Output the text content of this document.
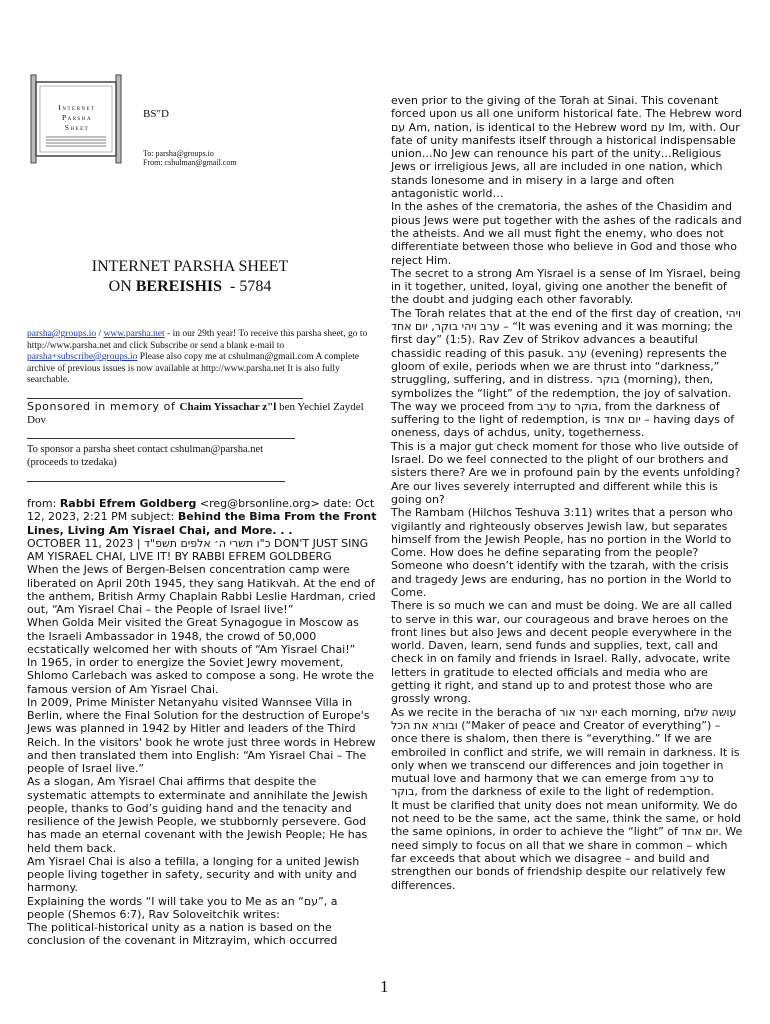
Internet
Parsha
Sheet
BS"D
To: parsha@groups.io
From: cshulman@gmail.com
INTERNET PARSHA SHEET
ON BEREISHIS  - 5784
parsha@groups.io / www.parsha.net - in our 29th year! To receive this parsha sheet, go to http://www.parsha.net and click Subscribe or send a blank e-mail to parsha+subscribe@groups.io Please also copy me at cshulman@gmail.com A complete archive of previous issues is now available at http://www.parsha.net It is also fully searchable.
Sponsored in memory of Chaim Yissachar z"l ben Yechiel Zaydel Dov
To sponsor a parsha sheet contact cshulman@parsha.net
(proceeds to tzedaka)

from: Rabbi Efrem Goldberg <reg@brsonline.org> date: Oct 12, 2023, 2:21 PM subject: Behind the Bima From the Front Lines, Living Am Yisrael Chai, and More. . .

OCTOBER 11, 2023 | כ"ו תשרי ה׳ אלפים תשפ"ד DON'T JUST SING AM YISRAEL CHAI, LIVE IT! BY RABBI EFREM GOLDBERG

When the Jews of Bergen-Belsen concentration camp were liberated on April 20th 1945, they sang Hatikvah. At the end of the anthem, British Army Chaplain Rabbi Leslie Hardman, cried out, “Am Yisrael Chai – the People of Israel live!”

When Golda Meir visited the Great Synagogue in Moscow as the Israeli Ambassador in 1948, the crowd of 50,000 ecstatically welcomed her with shouts of “Am Yisrael Chai!”

In 1965, in order to energize the Soviet Jewry movement, Shlomo Carlebach was asked to compose a song. He wrote the famous version of Am Yisrael Chai.

In 2009, Prime Minister Netanyahu visited Wannsee Villa in Berlin, where the Final Solution for the destruction of Europe's Jews was planned in 1942 by Hitler and leaders of the Third Reich. In the visitors' book he wrote just three words in Hebrew and then translated them into English: “Am Yisrael Chai – The people of Israel live.”

As a slogan, Am Yisrael Chai affirms that despite the systematic attempts to exterminate and annihilate the Jewish people, thanks to God’s guiding hand and the tenacity and resilience of the Jewish People, we stubbornly persevere. God has made an eternal covenant with the Jewish People; He has held them back.

Am Yisrael Chai is also a tefilla, a longing for a united Jewish people living together in safety, security and with unity and harmony.

Explaining the words “I will take you to Me as an “עם”, a people (Shemos 6:7), Rav Soloveitchik writes:

The political-historical unity as a nation is based on the conclusion of the covenant in Mitzrayim, which occurred

even prior to the giving of the Torah at Sinai. This covenant forced upon us all one uniform historical fate. The Hebrew word עם Am, nation, is identical to the Hebrew word עם Im, with. Our fate of unity manifests itself through a historical indispensable union…No Jew can renounce his part of the unity…Religious Jews or irreligious Jews, all are included in one nation, which stands lonesome and in misery in a large and often antagonistic world…

In the ashes of the crematoria, the ashes of the Chasidim and pious Jews were put together with the ashes of the radicals and the atheists. And we all must fight the enemy, who does not differentiate between those who believe in God and those who reject Him.

The secret to a strong Am Yisrael is a sense of Im Yisrael, being in it together, united, loyal, giving one another the benefit of the doubt and judging each other favorably.

The Torah relates that at the end of the first day of creation, ויהי ערב ויהי בוקר, יום אחד – “It was evening and it was morning; the first day” (1:5). Rav Zev of Strikov advances a beautiful chassidic reading of this pasuk. ערב (evening) represents the gloom of exile, periods when we are thrust into “darkness,” struggling, suffering, and in distress. בוקר (morning), then, symbolizes the “light” of the redemption, the joy of salvation. The way we proceed from ערב to בוקר, from the darkness of suffering to the light of redemption, is יום אחד – having days of oneness, days of achdus, unity, togetherness.

This is a major gut check moment for those who live outside of Israel. Do we feel connected to the plight of our brothers and sisters there? Are we in profound pain by the events unfolding? Are our lives severely interrupted and different while this is going on?

The Rambam (Hilchos Teshuva 3:11) writes that a person who vigilantly and righteously observes Jewish law, but separates himself from the Jewish People, has no portion in the World to Come. How does he define separating from the people? Someone who doesn’t identify with the tzarah, with the crisis and tragedy Jews are enduring, has no portion in the World to Come.

There is so much we can and must be doing. We are all called to serve in this war, our courageous and brave heroes on the front lines but also Jews and decent people everywhere in the world. Daven, learn, send funds and supplies, text, call and check in on family and friends in Israel. Rally, advocate, write letters in gratitude to elected officials and media who are getting it right, and stand up to and protest those who are grossly wrong.

As we recite in the beracha of יוצר אור each morning, עושה שלום ובורא את הכל (“Maker of peace and Creator of everything”) – once there is shalom, then there is “everything.” If we are embroiled in conflict and strife, we will remain in darkness. It is only when we transcend our differences and join together in mutual love and harmony that we can emerge from ערב to בוקר, from the darkness of exile to the light of redemption.

It must be clarified that unity does not mean uniformity. We do not need to be the same, act the same, think the same, or hold the same opinions, in order to achieve the “light” of יום אחד. We need simply to focus on all that we share in common – which far exceeds that about which we disagree – and build and strengthen our bonds of friendship despite our relatively few differences.

1
